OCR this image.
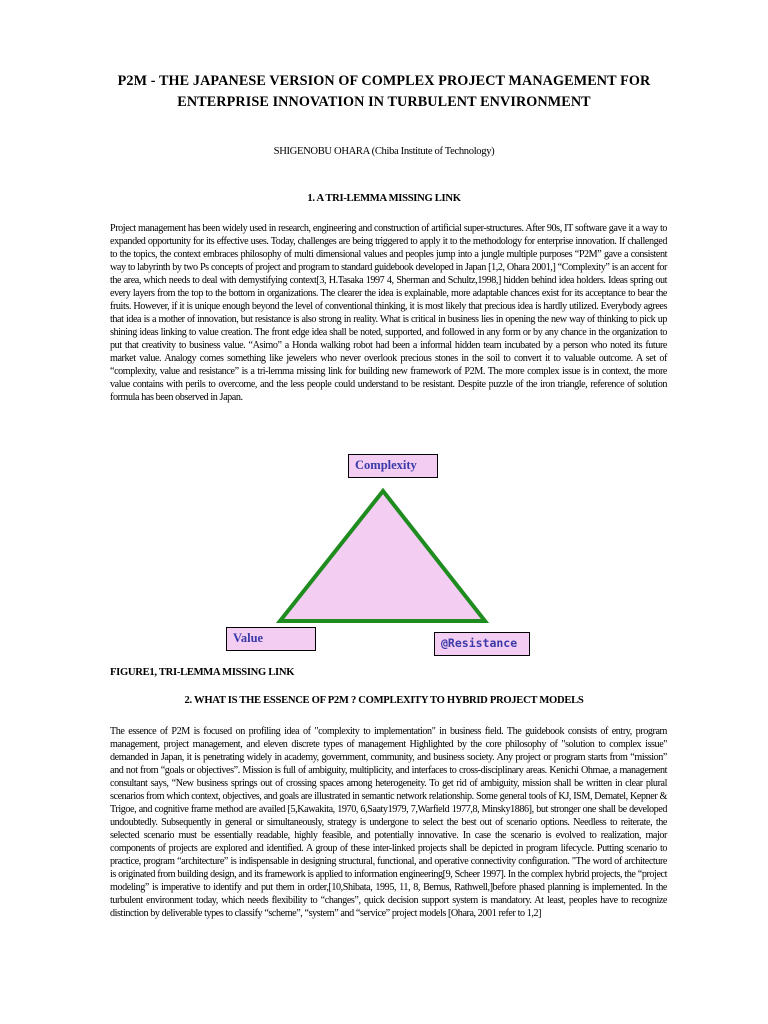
P2M - THE JAPANESE VERSION OF COMPLEX PROJECT MANAGEMENT FOR
ENTERPRISE INNOVATION IN TURBULENT ENVIRONMENT
SHIGENOBU OHARA (Chiba Institute of Technology)
1. A TRI-LEMMA MISSING LINK

Project management has been widely used in research, engineering and construction of artificial super-structures. After 90s, IT software gave it a way to expanded opportunity for its effective uses. Today, challenges are being triggered to apply it to the methodology for enterprise innovation. If challenged to the topics, the context embraces philosophy of multi dimensional values and peoples jump into a jungle multiple purposes “P2M” gave a consistent way to labyrinth by two Ps concepts of project and program to standard guidebook developed in Japan [1,2, Ohara 2001,] “Complexity” is an accent for the area, which needs to deal with demystifying context[3, H.Tasaka 1997 4, Sherman and Schultz,1998,] hidden behind idea holders. Ideas spring out every layers from the top to the bottom in organizations. The clearer the idea is explainable, more adaptable chances exist for its acceptance to bear the fruits. However, if it is unique enough beyond the level of conventional thinking, it is most likely that precious idea is hardly utilized. Everybody agrees that idea is a mother of innovation, but resistance is also strong in reality. What is critical in business lies in opening the new way of thinking to pick up shining ideas linking to value creation. The front edge idea shall be noted, supported, and followed in any form or by any chance in the organization to put that creativity to business value. “Asimo” a Honda walking robot had been a informal hidden team incubated by a person who noted its future market value. Analogy comes something like jewelers who never overlook precious stones in the soil to convert it to valuable outcome. A set of “complexity, value and resistance” is a tri-lemma missing link for building new framework of P2M. The more complex issue is in context, the more value contains with perils to overcome, and the less people could understand to be resistant. Despite puzzle of the iron triangle, reference of solution formula has been observed in Japan.

Complexity
Value	@Resistance
FIGURE1, TRI-LEMMA MISSING LINK
2. WHAT IS THE ESSENCE OF P2M ? COMPLEXITY TO HYBRID PROJECT MODELS

The essence of P2M is focused on profiling idea of "complexity to implementation" in business field. The guidebook consists of entry, program management, project management, and eleven discrete types of management Highlighted by the core philosophy of "solution to complex issue" demanded in Japan, it is penetrating widely in academy, government, community, and business society. Any project or program starts from “mission” and not from “goals or objectives”. Mission is full of ambiguity, multiplicity, and interfaces to cross-disciplinary areas. Kenichi Ohmae, a management consultant says, “New business springs out of crossing spaces among heterogeneity. To get rid of ambiguity, mission shall be written in clear plural scenarios from which context, objectives, and goals are illustrated in semantic network relationship. Some general tools of KJ, ISM, Dematel, Kepner & Trigoe, and cognitive frame method are availed [5,Kawakita, 1970, 6,Saaty1979, 7,Warfield 1977,8, Minsky1886], but stronger one shall be developed undoubtedly. Subsequently in general or simultaneously, strategy is undergone to select the best out of scenario options. Needless to reiterate, the selected scenario must be essentially readable, highly feasible, and potentially innovative. In case the scenario is evolved to realization, major components of projects are explored and identified. A group of these inter-linked projects shall be depicted in program lifecycle. Putting scenario to practice, program “architecture” is indispensable in designing structural, functional, and operative connectivity configuration. "The word of architecture is originated from building design, and its framework is applied to information engineering[9, Scheer 1997]. In the complex hybrid projects, the “project modeling” is imperative to identify and put them in order,[10,Shibata, 1995, 11, 8, Bemus, Rathwell,]before phased planning is implemented. In the turbulent environment today, which needs flexibility to “changes”, quick decision support system is mandatory. At least, peoples have to recognize distinction by deliverable types to classify “scheme”, “system” and “service” project models [Ohara, 2001 refer to 1,2]
